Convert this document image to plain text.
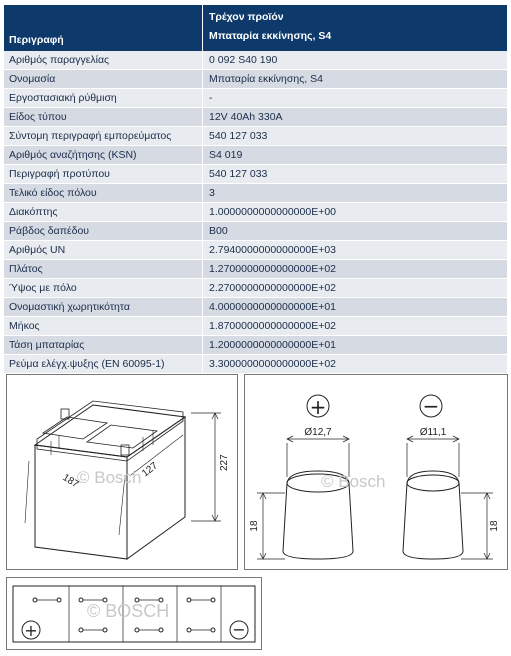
Περιγραφή	Τρέχον προϊόν
Μπαταρία εκκίνησης, S4
Αριθμός παραγγελίας	0 092 S40 190
Ονομασία	Μπαταρία εκκίνησης, S4
Εργοστασιακή ρύθμιση	-
Είδος τύπου	12V 40Ah 330A
Σύντομη περιγραφή εμπορεύματος	540 127 033
Αριθμός αναζήτησης (KSN)	S4 019
Περιγραφή προτύπου	540 127 033
Τελικό είδος πόλου	3
Διακόπτης	1.0000000000000000E+00
Ράβδος δαπέδου	B00
Αριθμός UN	2.7940000000000000E+03
Πλάτος	1.2700000000000000E+02
Ύψος με πόλο	2.2700000000000000E+02
Ονομαστική χωρητικότητα	4.0000000000000000E+01
Μήκος	1.8700000000000000E+02
Τάση μπαταρίας	1.2000000000000000E+01
Ρεύμα ελέγχ.ψυξης (EN 60095-1)	3.3000000000000000E+02
227
187
127
© Bosch
+	−
Ø12,7	Ø11,1
18	18
© Bosch
+	−
© BOSCH
